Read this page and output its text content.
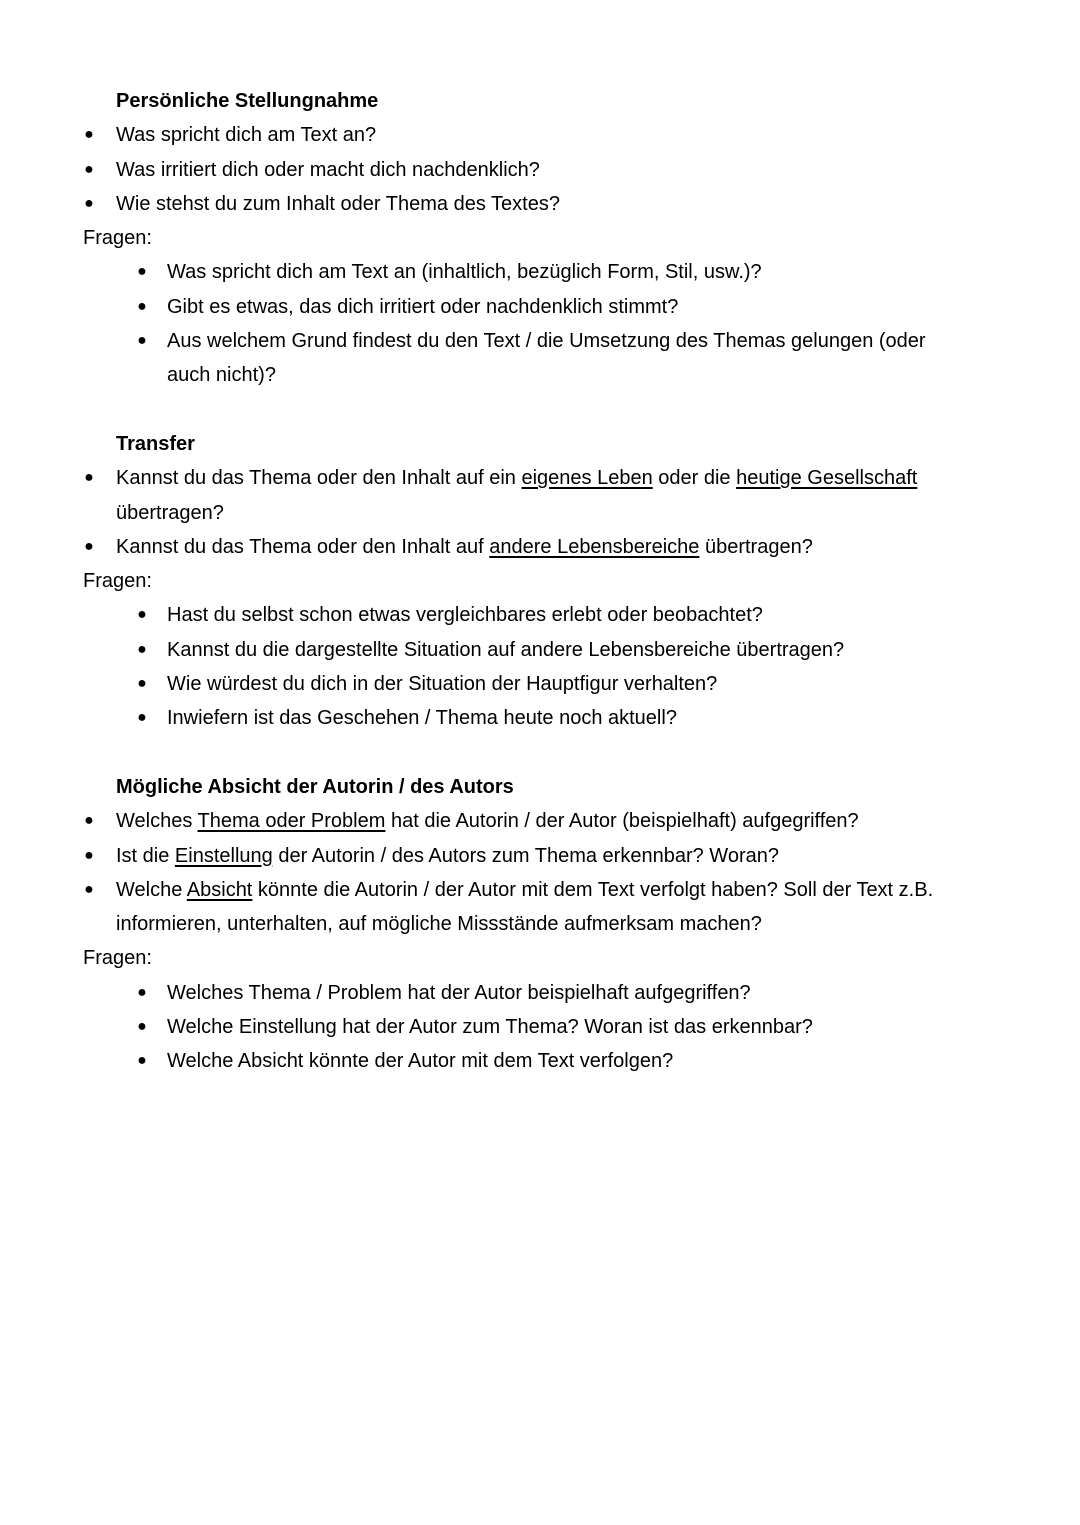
Persönliche Stellungnahme
● Was spricht dich am Text an?
● Was irritiert dich oder macht dich nachdenklich?
● Wie stehst du zum Inhalt oder Thema des Textes?
Fragen:
● Was spricht dich am Text an (inhaltlich, bezüglich Form, Stil, usw.)?
● Gibt es etwas, das dich irritiert oder nachdenklich stimmt?
● Aus welchem Grund findest du den Text / die Umsetzung des Themas gelungen (oder
auch nicht)?
Transfer
● Kannst du das Thema oder den Inhalt auf ein eigenes Leben oder die heutige Gesellschaft
übertragen?
● Kannst du das Thema oder den Inhalt auf andere Lebensbereiche übertragen?
Fragen:
● Hast du selbst schon etwas vergleichbares erlebt oder beobachtet?
● Kannst du die dargestellte Situation auf andere Lebensbereiche übertragen?
● Wie würdest du dich in der Situation der Hauptfigur verhalten?
● Inwiefern ist das Geschehen / Thema heute noch aktuell?
Mögliche Absicht der Autorin / des Autors
● Welches Thema oder Problem hat die Autorin / der Autor (beispielhaft) aufgegriffen?
● Ist die Einstellung der Autorin / des Autors zum Thema erkennbar? Woran?
● Welche Absicht könnte die Autorin / der Autor mit dem Text verfolgt haben? Soll der Text z.B.
informieren, unterhalten, auf mögliche Missstände aufmerksam machen?
Fragen:
● Welches Thema / Problem hat der Autor beispielhaft aufgegriffen?
● Welche Einstellung hat der Autor zum Thema? Woran ist das erkennbar?
● Welche Absicht könnte der Autor mit dem Text verfolgen?
